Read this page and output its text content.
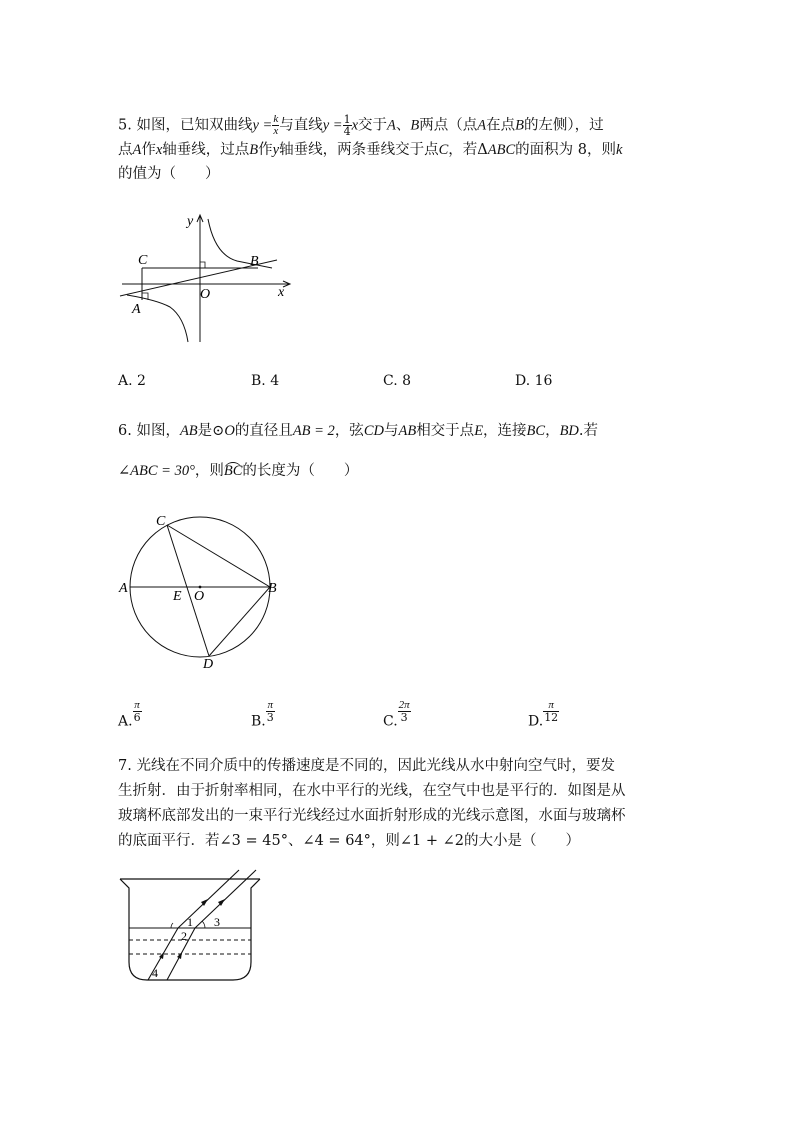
5. 如图，已知双曲线$y = \frac{k}{x}$ 与直线$y = \frac{1}{4}$ x交于A、B两点（点A在点B的左侧），过
点A作x轴垂线，过点B作y轴垂线，两条垂线交于点C，若ΔABC的面积为 8，则k
的值为（　　）
y
x
C
A
O
B
A. 2	B. 4	C. 8	D. 16
6. 如图，AB是⊙O的直径且AB = 2，弦CD与AB相交于点E，连接BC，BD.若
∠ABC = 30°，则BC的长度为（　　）
C
A
E O
B
D
A. $\frac{\pi}{6}$	B. $\frac{\pi}{3}$	C. $\frac{2\pi}{3}$	D. $\frac{\pi}{12}$
7. 光线在不同介质中的传播速度是不同的，因此光线从水中射向空气时，要发
生折射．由于折射率相同，在水中平行的光线，在空气中也是平行的．如图是从
玻璃杯底部发出的一束平行光线经过水面折射形成的光线示意图，水面与玻璃杯
的底面平行．若∠3 = 45°、∠4 = 64°，则∠1 + ∠2的大小是（　　）
1
2
3
4
